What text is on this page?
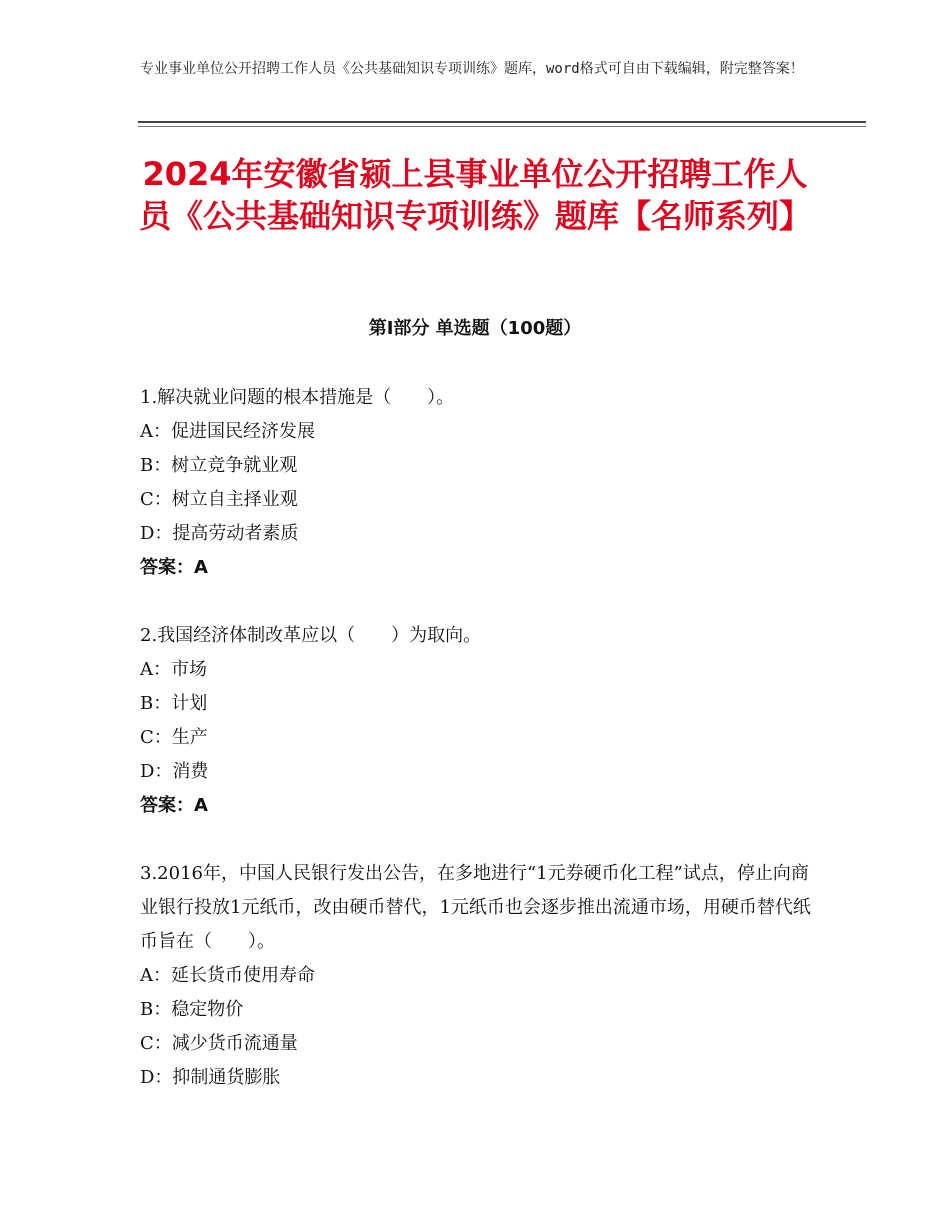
专业事业单位公开招聘工作人员《公共基础知识专项训练》题库，word格式可自由下载编辑，附完整答案！
2024年安徽省颍上县事业单位公开招聘工作人员《公共基础知识专项训练》题库【名师系列】
第Ⅰ部分 单选题（100题）
1.解决就业问题的根本措施是（　　）。
A：促进国民经济发展
B：树立竞争就业观
C：树立自主择业观
D：提高劳动者素质
答案：A
2.我国经济体制改革应以（　　）为取向。
A：市场
B：计划
C：生产
D：消费
答案：A
3.2016年，中国人民银行发出公告，在多地进行“1元券硬币化工程”试点，停止向商业银行投放1元纸币，改由硬币替代，1元纸币也会逐步推出流通市场，用硬币替代纸币旨在（　　）。
A：延长货币使用寿命
B：稳定物价
C：减少货币流通量
D：抑制通货膨胀
